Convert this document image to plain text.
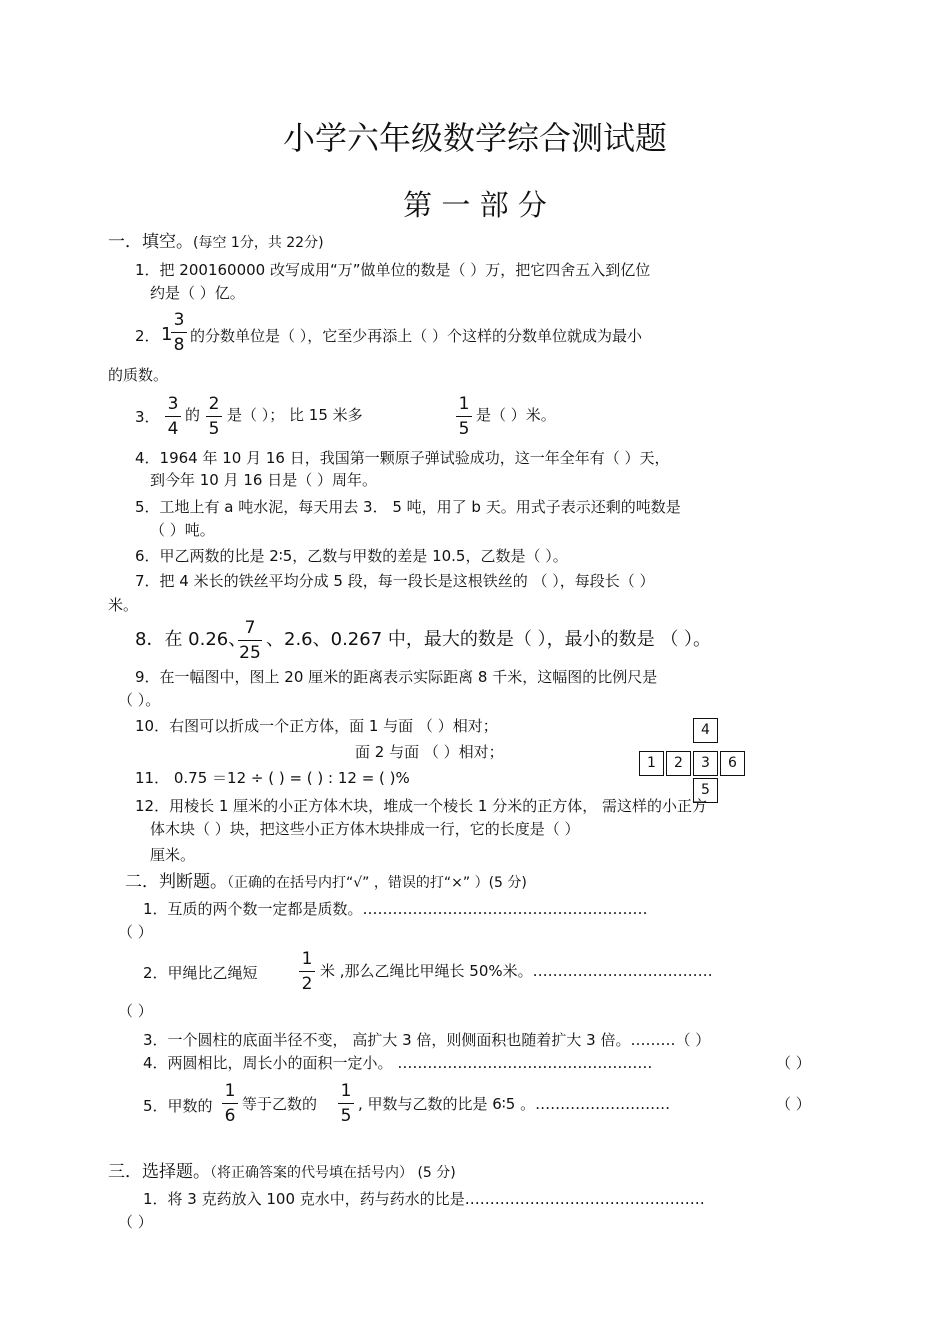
小学六年级数学综合测试题
第 一 部 分
一．填空。(每空 1分，共 22分)
1．把 200160000 改写成用“万”做单位的数是（ ）万，把它四舍五入到亿位
约是（ ）亿。
2． 1
3
8 的分数单位是（ ），它至少再添上（ ）个这样的分数单位就成为最小
的质数。
3．
3
4
的
2
5
是（ ）； 比 15 米多
1
5
是（ ）米。
4．1964 年 10 月 16 日，我国第一颗原子弹试验成功，这一年全年有（ ）天，
到今年 10 月 16 日是（ ）周年。
5．工地上有 a 吨水泥，每天用去 3． 5 吨，用了 b 天。用式子表示还剩的吨数是
（ ）吨。
6．甲乙两数的比是 2∶5，乙数与甲数的差是 10.5，乙数是（ ）。
7．把 4 米长的铁丝平均分成 5 段，每一段长是这根铁丝的 （ ），每段长（ ）
米。
8．在 0.26、
7
25
、2.6、0.267 中，最大的数是（ ），最小的数是 （ ）。
9．在一幅图中，图上 20 厘米的距离表示实际距离 8 千米，这幅图的比例尺是
（ ）。
10．右图可以折成一个正方体，面 1 与面 （ ）相对；
面 2 与面 （ ）相对；
11． 0.75 ＝12 ÷ ( ) = ( ) : 12 = ( )%
4
1	2	3	6
5
12．用棱长 1 厘米的小正方体木块，堆成一个棱长 1 分米的正方体， 需这样的小正方
体木块（ ）块，把这些小正方体木块排成一行，它的长度是（ ）
厘米。
二．判断题。（正确的在括号内打“√” ，错误的打“×” ）(5 分)
1．互质的两个数一定都是质数。…………………………………………………
（ ）
2．甲绳比乙绳短
1
2
米 ,那么乙绳比甲绳长 50%米。………………………………
（ ）
3．一个圆柱的底面半径不变， 高扩大 3 倍，则侧面积也随着扩大 3 倍。………（ ）
4．两圆相比，周长小的面积一定小。 ……………………………………………	（ ）
5．甲数的
1
6
等于乙数的
1
5
, 甲数与乙数的比是 6∶5 。………………………	（ ）
三．选择题。（将正确答案的代号填在括号内） (5 分)
1．将 3 克药放入 100 克水中，药与药水的比是…………………………………………
（ ）
